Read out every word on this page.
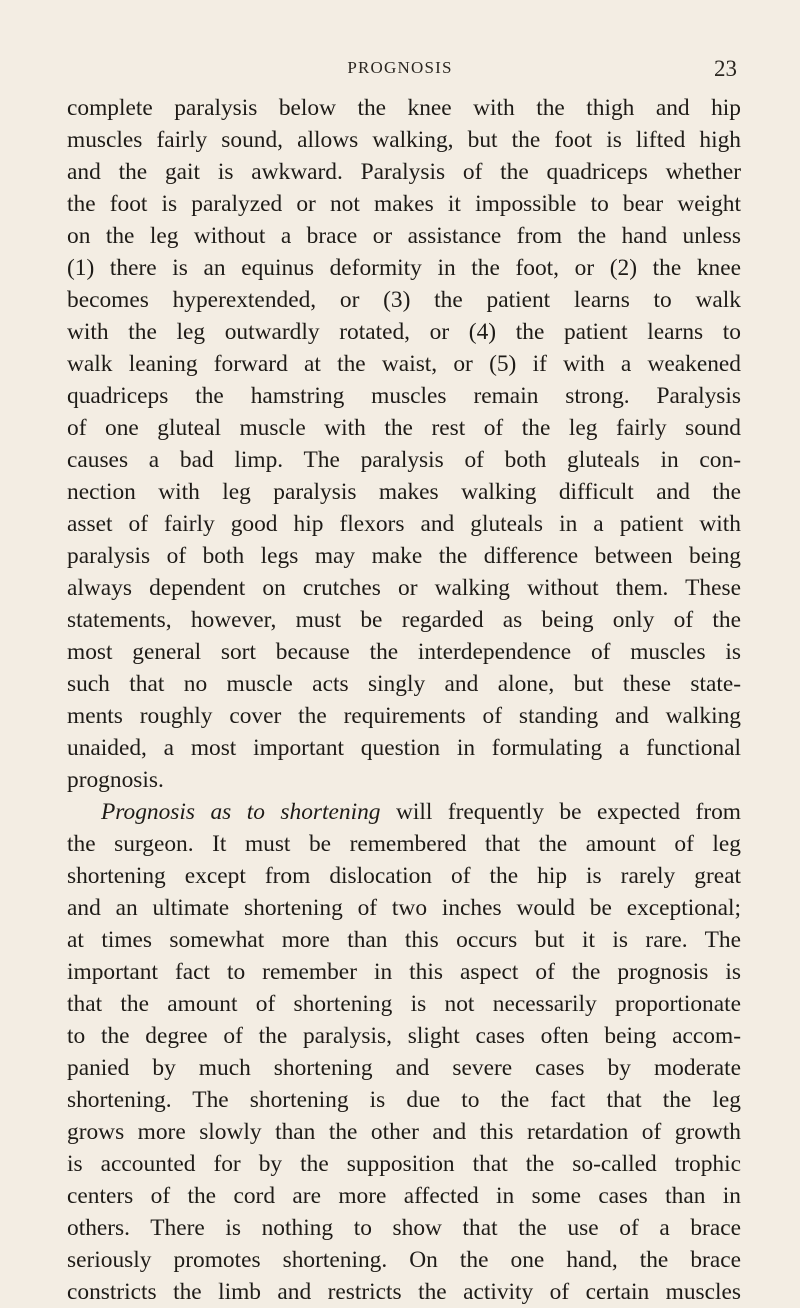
PROGNOSIS	23
complete paralysis below the knee with the thigh and hip
muscles fairly sound, allows walking, but the foot is lifted high
and the gait is awkward. Paralysis of the quadriceps whether
the foot is paralyzed or not makes it impossible to bear weight
on the leg without a brace or assistance from the hand unless
(1) there is an equinus deformity in the foot, or (2) the knee
becomes hyperextended, or (3) the patient learns to walk
with the leg outwardly rotated, or (4) the patient learns to
walk leaning forward at the waist, or (5) if with a weakened
quadriceps the hamstring muscles remain strong. Paralysis
of one gluteal muscle with the rest of the leg fairly sound
causes a bad limp. The paralysis of both gluteals in con-
nection with leg paralysis makes walking difficult and the
asset of fairly good hip flexors and gluteals in a patient with
paralysis of both legs may make the difference between being
always dependent on crutches or walking without them. These
statements, however, must be regarded as being only of the
most general sort because the interdependence of muscles is
such that no muscle acts singly and alone, but these state-
ments roughly cover the requirements of standing and walking
unaided, a most important question in formulating a functional
prognosis.
Prognosis as to shortening will frequently be expected from
the surgeon. It must be remembered that the amount of leg
shortening except from dislocation of the hip is rarely great
and an ultimate shortening of two inches would be exceptional;
at times somewhat more than this occurs but it is rare. The
important fact to remember in this aspect of the prognosis is
that the amount of shortening is not necessarily proportionate
to the degree of the paralysis, slight cases often being accom-
panied by much shortening and severe cases by moderate
shortening. The shortening is due to the fact that the leg
grows more slowly than the other and this retardation of growth
is accounted for by the supposition that the so-called trophic
centers of the cord are more affected in some cases than in
others. There is nothing to show that the use of a brace
seriously promotes shortening. On the one hand, the brace
constricts the limb and restricts the activity of certain muscles
